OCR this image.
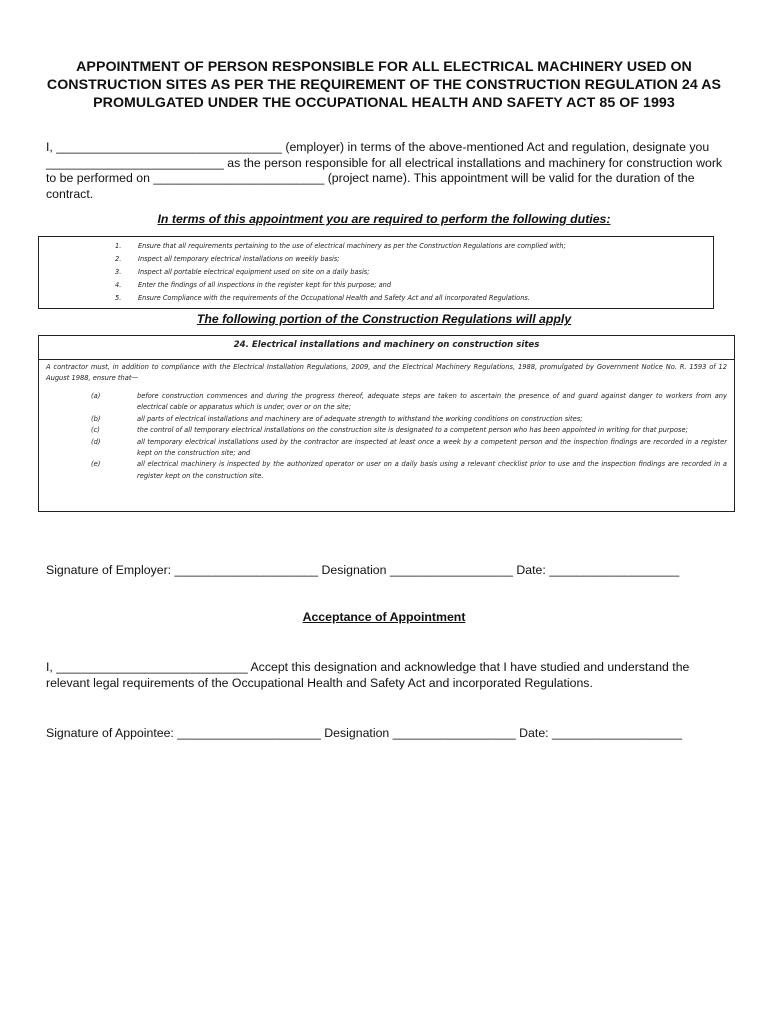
APPOINTMENT OF PERSON RESPONSIBLE FOR ALL ELECTRICAL MACHINERY USED ON CONSTRUCTION SITES AS PER THE REQUIREMENT OF THE CONSTRUCTION REGULATION 24 AS PROMULGATED UNDER THE OCCUPATIONAL HEALTH AND SAFETY ACT 85 OF 1993
I, _________________________________ (employer) in terms of the above-mentioned Act and regulation, designate you __________________________ as the person responsible for all electrical installations and machinery for construction work to be performed on _________________________ (project name). This appointment will be valid for the duration of the contract.
In terms of this appointment you are required to perform the following duties:
1.	Ensure that all requirements pertaining to the use of electrical machinery as per the Construction Regulations are complied with;
2.	Inspect all temporary electrical installations on weekly basis;
3.	Inspect all portable electrical equipment used on site on a daily basis;
4.	Enter the findings of all inspections in the register kept for this purpose; and
5.	Ensure Compliance with the requirements of the Occupational Health and Safety Act and all incorporated Regulations.
The following portion of the Construction Regulations will apply
24. Electrical installations and machinery on construction sites
A contractor must, in addition to compliance with the Electrical Installation Regulations, 2009, and the Electrical Machinery Regulations, 1988, promulgated by Government Notice No. R. 1593 of 12 August 1988, ensure that—
(a)	before construction commences and during the progress thereof, adequate steps are taken to ascertain the presence of and guard against danger to workers from any electrical cable or apparatus which is under, over or on the site;
(b)	all parts of electrical installations and machinery are of adequate strength to withstand the working conditions on construction sites;
(c)	the control of all temporary electrical installations on the construction site is designated to a competent person who has been appointed in writing for that purpose;
(d)	all temporary electrical installations used by the contractor are inspected at least once a week by a competent person and the inspection findings are recorded in a register kept on the construction site; and
(e)	all electrical machinery is inspected by the authorized operator or user on a daily basis using a relevant checklist prior to use and the inspection findings are recorded in a register kept on the construction site.
Signature of Employer: _____________________ Designation __________________ Date: ___________________
Acceptance of Appointment
I, ____________________________ Accept this designation and acknowledge that I have studied and understand the relevant legal requirements of the Occupational Health and Safety Act and incorporated Regulations.
Signature of Appointee: _____________________ Designation __________________ Date: ___________________
